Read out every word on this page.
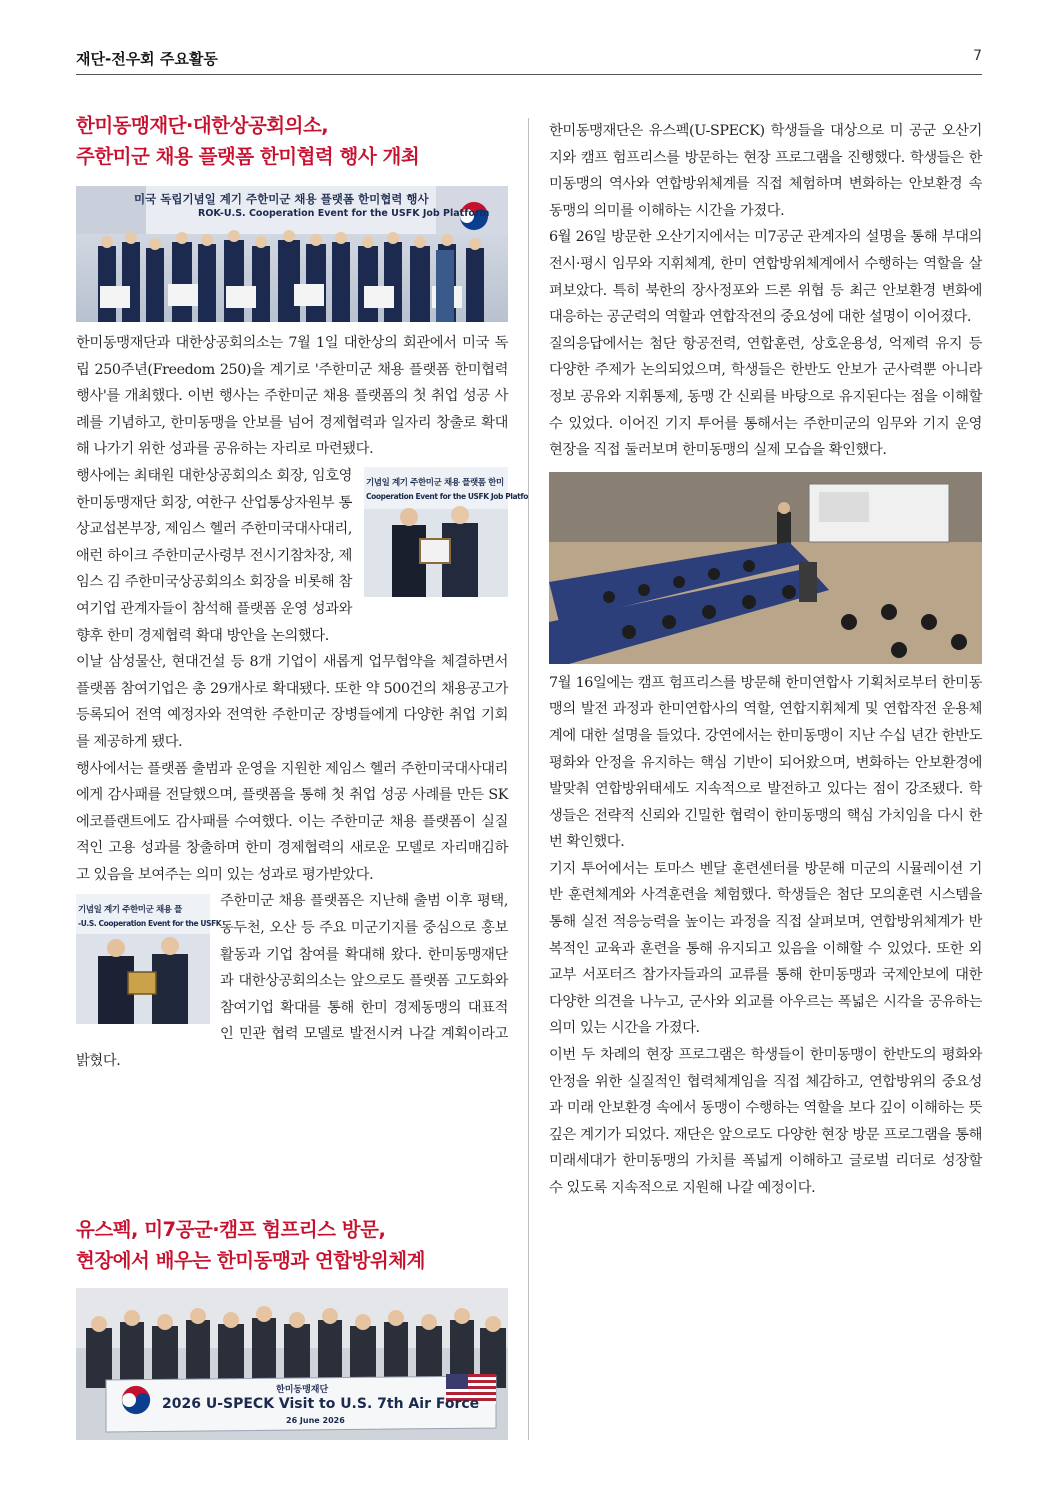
재단-전우회 주요활동	7
한미동맹재단·대한상공회의소,
주한미군 채용 플랫폼 한미협력 행사 개최
미국 독립기념일 계기 주한미군 채용 플랫폼 한미협력 행사
ROK-U.S. Cooperation Event for the USFK Job Platform

한미동맹재단과 대한상공회의소는 7월 1일 대한상의 회관에서 미국 독립 250주년(Freedom 250)을 계기로 '주한미군 채용 플랫폼 한미협력 행사'를 개최했다. 이번 행사는 주한미군 채용 플랫폼의 첫 취업 성공 사례를 기념하고, 한미동맹을 안보를 넘어 경제협력과 일자리 창출로 확대해 나가기 위한 성과를 공유하는 자리로 마련됐다.

기념일 계기 주한미군 채용 플랫폼 한미
Cooperation Event for the USFK Job Platfo

행사에는 최태원 대한상공회의소 회장, 임호영 한미동맹재단 회장, 여한구 산업통상자원부 통상교섭본부장, 제임스 헬러 주한미국대사대리, 애런 하이크 주한미군사령부 전시기참차장, 제임스 김 주한미국상공회의소 회장을 비롯해 참여기업 관계자들이 참석해 플랫폼 운영 성과와 향후 한미 경제협력 확대 방안을 논의했다.

이날 삼성물산, 현대건설 등 8개 기업이 새롭게 업무협약을 체결하면서 플랫폼 참여기업은 총 29개사로 확대됐다. 또한 약 500건의 채용공고가 등록되어 전역 예정자와 전역한 주한미군 장병들에게 다양한 취업 기회를 제공하게 됐다.

행사에서는 플랫폼 출범과 운영을 지원한 제임스 헬러 주한미국대사대리에게 감사패를 전달했으며, 플랫폼을 통해 첫 취업 성공 사례를 만든 SK에코플랜트에도 감사패를 수여했다. 이는 주한미군 채용 플랫폼이 실질적인 고용 성과를 창출하며 한미 경제협력의 새로운 모델로 자리매김하고 있음을 보여주는 의미 있는 성과로 평가받았다.

기념일 계기 주한미군 채용 플
-U.S. Cooperation Event for the USFK

주한미군 채용 플랫폼은 지난해 출범 이후 평택, 동두천, 오산 등 주요 미군기지를 중심으로 홍보 활동과 기업 참여를 확대해 왔다. 한미동맹재단과 대한상공회의소는 앞으로도 플랫폼 고도화와 참여기업 확대를 통해 한미 경제동맹의 대표적인 민관 협력 모델로 발전시켜 나갈 계획이라고 밝혔다.

유스펙, 미7공군·캠프 험프리스 방문,
현장에서 배우는 한미동맹과 연합방위체계
한미동맹재단
2026 U-SPECK Visit to U.S. 7th Air Force
26 June 2026

한미동맹재단은 유스펙(U-SPECK) 학생들을 대상으로 미 공군 오산기지와 캠프 험프리스를 방문하는 현장 프로그램을 진행했다. 학생들은 한미동맹의 역사와 연합방위체계를 직접 체험하며 변화하는 안보환경 속 동맹의 의미를 이해하는 시간을 가졌다.

6월 26일 방문한 오산기지에서는 미7공군 관계자의 설명을 통해 부대의 전시·평시 임무와 지휘체계, 한미 연합방위체계에서 수행하는 역할을 살펴보았다. 특히 북한의 장사정포와 드론 위협 등 최근 안보환경 변화에 대응하는 공군력의 역할과 연합작전의 중요성에 대한 설명이 이어졌다.

질의응답에서는 첨단 항공전력, 연합훈련, 상호운용성, 억제력 유지 등 다양한 주제가 논의되었으며, 학생들은 한반도 안보가 군사력뿐 아니라 정보 공유와 지휘통제, 동맹 간 신뢰를 바탕으로 유지된다는 점을 이해할 수 있었다. 이어진 기지 투어를 통해서는 주한미군의 임무와 기지 운영 현장을 직접 둘러보며 한미동맹의 실제 모습을 확인했다.

7월 16일에는 캠프 험프리스를 방문해 한미연합사 기획처로부터 한미동맹의 발전 과정과 한미연합사의 역할, 연합지휘체계 및 연합작전 운용체계에 대한 설명을 들었다. 강연에서는 한미동맹이 지난 수십 년간 한반도 평화와 안정을 유지하는 핵심 기반이 되어왔으며, 변화하는 안보환경에 발맞춰 연합방위태세도 지속적으로 발전하고 있다는 점이 강조됐다. 학생들은 전략적 신뢰와 긴밀한 협력이 한미동맹의 핵심 가치임을 다시 한번 확인했다.

기지 투어에서는 토마스 벤달 훈련센터를 방문해 미군의 시뮬레이션 기반 훈련체계와 사격훈련을 체험했다. 학생들은 첨단 모의훈련 시스템을 통해 실전 적응능력을 높이는 과정을 직접 살펴보며, 연합방위체계가 반복적인 교육과 훈련을 통해 유지되고 있음을 이해할 수 있었다. 또한 외교부 서포터즈 참가자들과의 교류를 통해 한미동맹과 국제안보에 대한 다양한 의견을 나누고, 군사와 외교를 아우르는 폭넓은 시각을 공유하는 의미 있는 시간을 가졌다.

이번 두 차례의 현장 프로그램은 학생들이 한미동맹이 한반도의 평화와 안정을 위한 실질적인 협력체계임을 직접 체감하고, 연합방위의 중요성과 미래 안보환경 속에서 동맹이 수행하는 역할을 보다 깊이 이해하는 뜻깊은 계기가 되었다. 재단은 앞으로도 다양한 현장 방문 프로그램을 통해 미래세대가 한미동맹의 가치를 폭넓게 이해하고 글로벌 리더로 성장할 수 있도록 지속적으로 지원해 나갈 예정이다.
